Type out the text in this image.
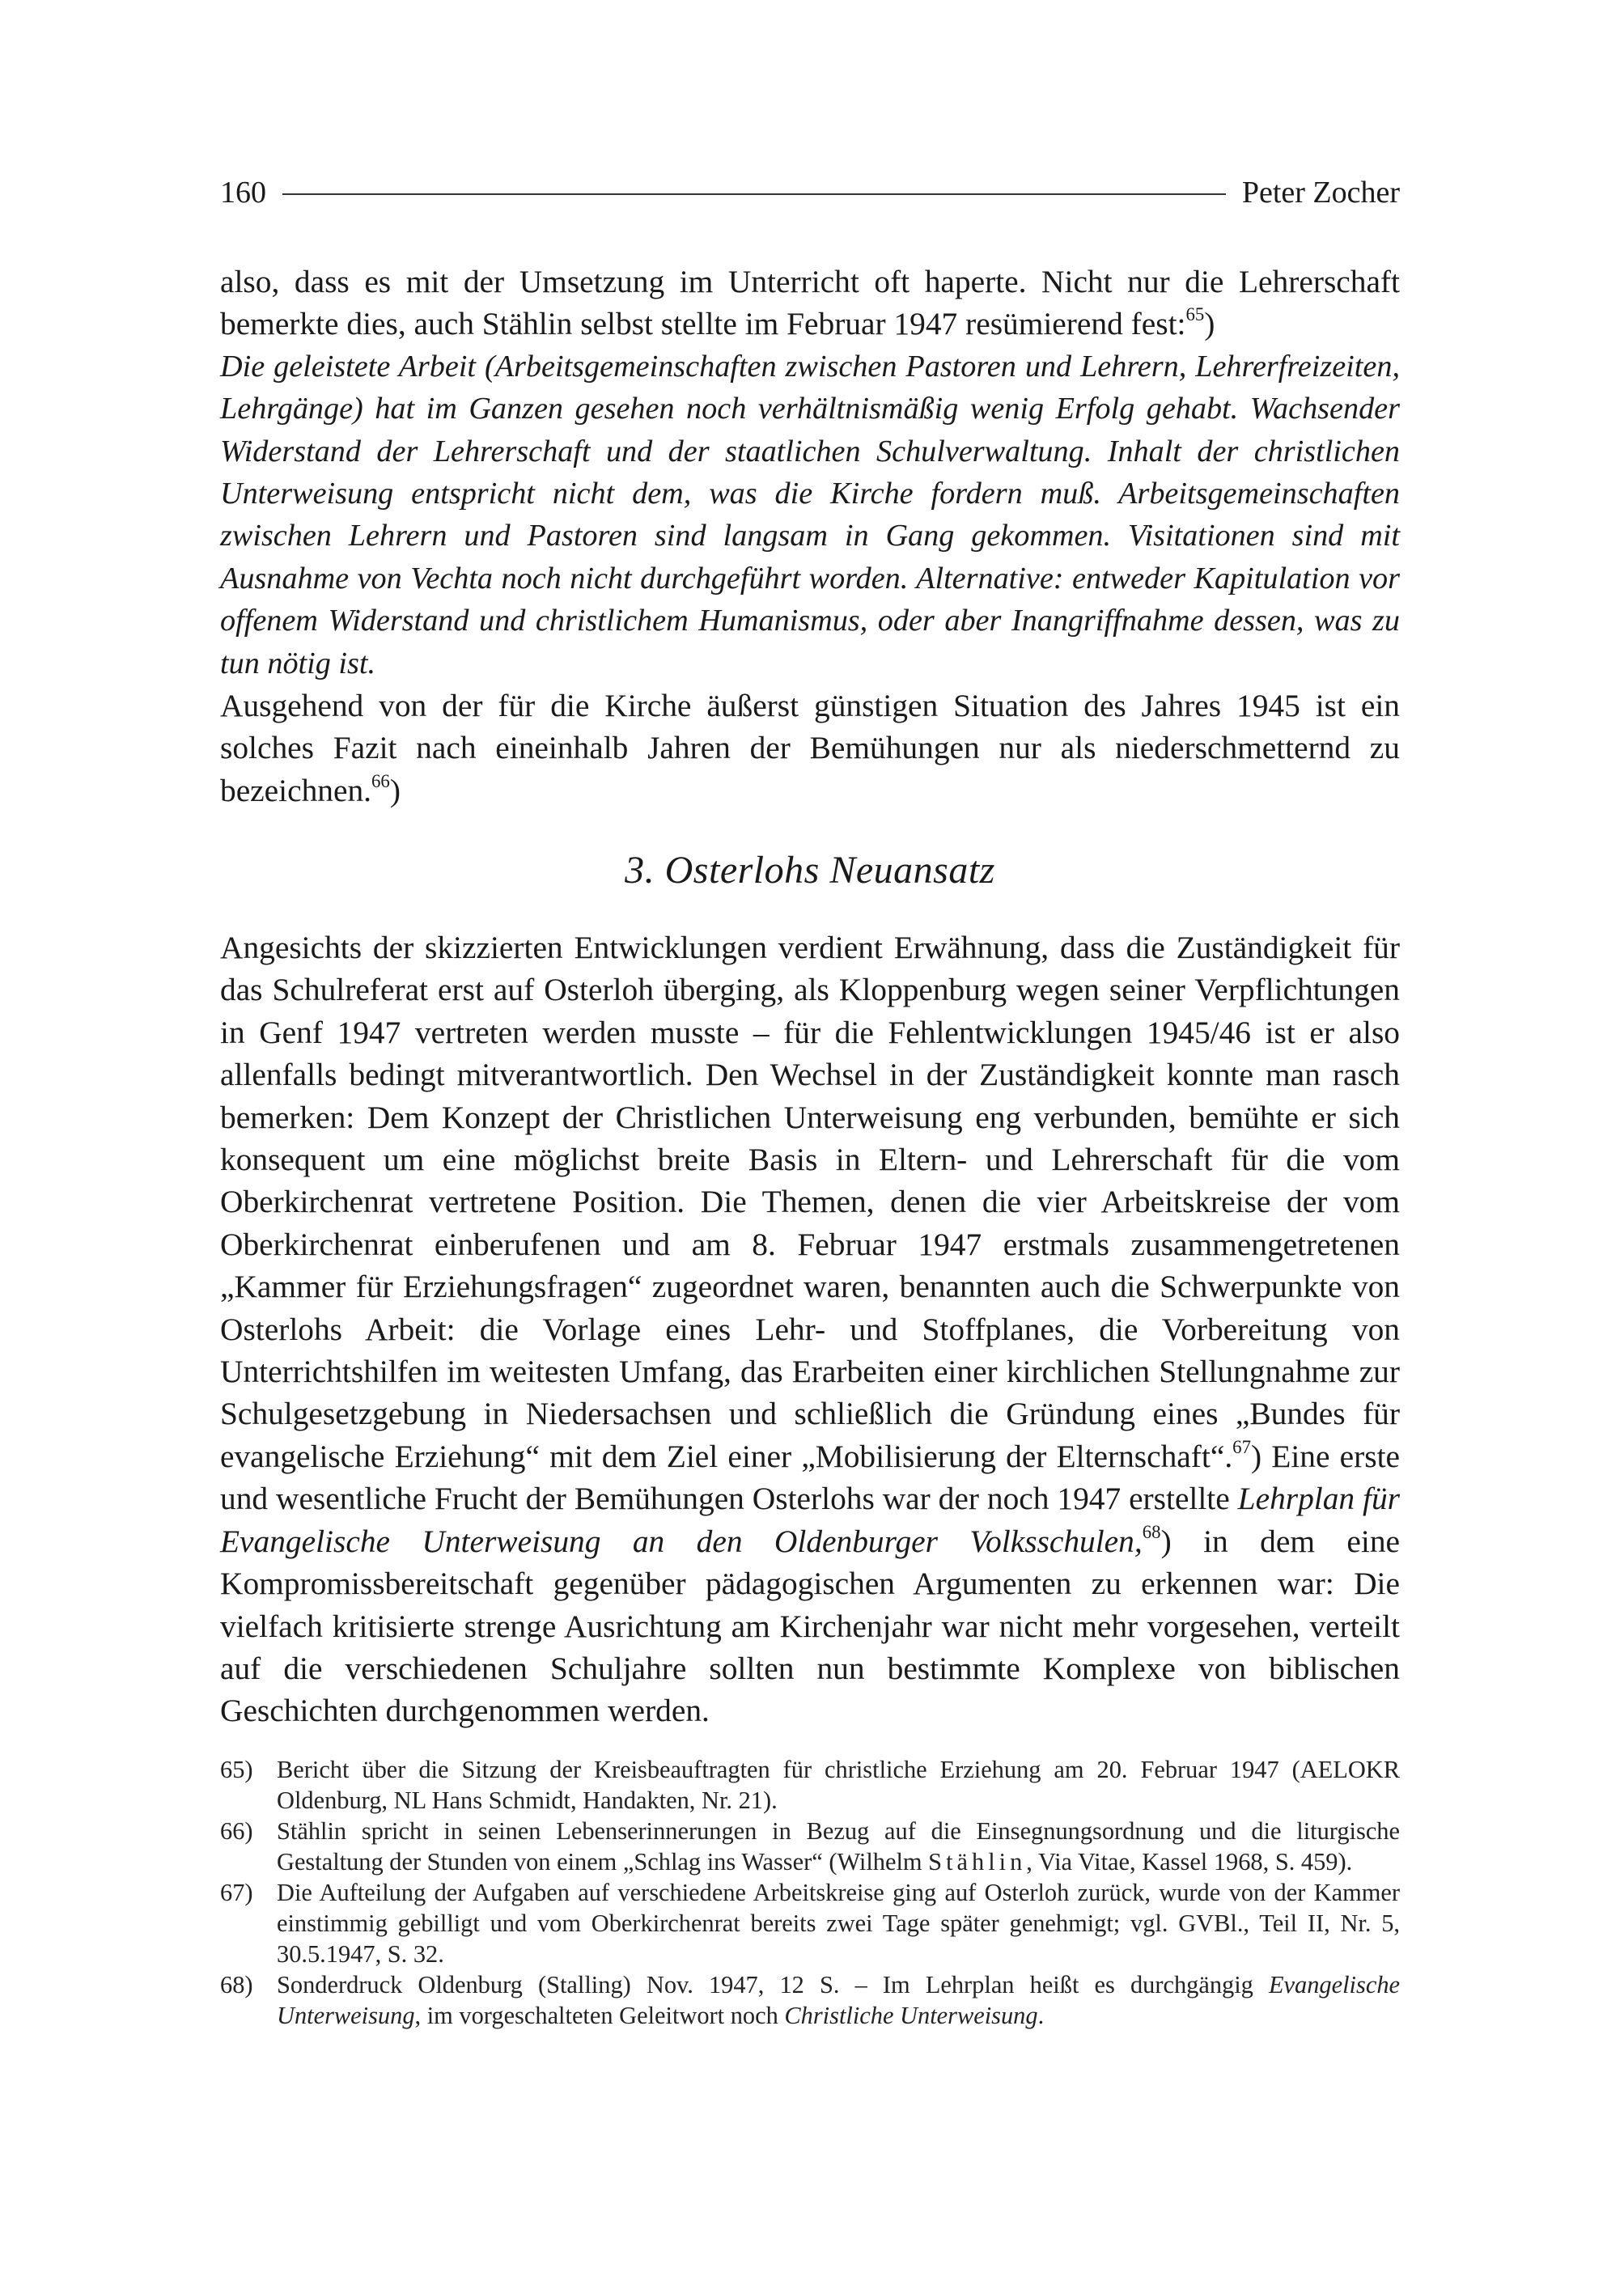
160	Peter Zocher

also, dass es mit der Umsetzung im Unterricht oft haperte. Nicht nur die Lehrerschaft bemerkte dies, auch Stählin selbst stellte im Februar 1947 resümierend fest:$^{65}$)

Die geleistete Arbeit (Arbeitsgemeinschaften zwischen Pastoren und Lehrern, Lehrerfreizeiten, Lehrgänge) hat im Ganzen gesehen noch verhältnismäßig wenig Erfolg gehabt. Wachsender Widerstand der Lehrerschaft und der staatlichen Schulverwaltung. Inhalt der christlichen Unterweisung entspricht nicht dem, was die Kirche fordern muß. Arbeitsgemeinschaften zwischen Lehrern und Pastoren sind langsam in Gang gekommen. Visitationen sind mit Ausnahme von Vechta noch nicht durchgeführt worden. Alternative: entweder Kapitulation vor offenem Widerstand und christlichem Humanismus, oder aber Inangriffnahme dessen, was zu tun nötig ist.

Ausgehend von der für die Kirche äußerst günstigen Situation des Jahres 1945 ist ein solches Fazit nach eineinhalb Jahren der Bemühungen nur als niederschmetternd zu bezeichnen.$^{66}$)

3. Osterlohs Neuansatz

Angesichts der skizzierten Entwicklungen verdient Erwähnung, dass die Zuständigkeit für das Schulreferat erst auf Osterloh überging, als Kloppenburg wegen seiner Verpflichtungen in Genf 1947 vertreten werden musste – für die Fehlentwicklungen 1945/46 ist er also allenfalls bedingt mitverantwortlich. Den Wechsel in der Zuständigkeit konnte man rasch bemerken: Dem Konzept der Christlichen Unterweisung eng verbunden, bemühte er sich konsequent um eine möglichst breite Basis in Eltern- und Lehrerschaft für die vom Oberkirchenrat vertretene Position. Die Themen, denen die vier Arbeitskreise der vom Oberkirchenrat einberufenen und am 8. Februar 1947 erstmals zusammengetretenen „Kammer für Erziehungsfragen“ zugeordnet waren, benannten auch die Schwerpunkte von Osterlohs Arbeit: die Vorlage eines Lehr- und Stoffplanes, die Vorbereitung von Unterrichtshilfen im weitesten Umfang, das Erarbeiten einer kirchlichen Stellungnahme zur Schulgesetzgebung in Niedersachsen und schließlich die Gründung eines „Bundes für evangelische Erziehung“ mit dem Ziel einer „Mobilisierung der Elternschaft“.$^{67}$) Eine erste und wesentliche Frucht der Bemühungen Osterlohs war der noch 1947 erstellte Lehrplan für Evangelische Unterweisung an den Oldenburger Volksschulen,$^{68}$) in dem eine Kompromissbereitschaft gegenüber pädagogischen Argumenten zu erkennen war: Die vielfach kritisierte strenge Ausrichtung am Kirchenjahr war nicht mehr vorgesehen, verteilt auf die verschiedenen Schuljahre sollten nun bestimmte Komplexe von biblischen Geschichten durchgenommen werden.

65) Bericht über die Sitzung der Kreisbeauftragten für christliche Erziehung am 20. Februar 1947 (AELOKR Oldenburg, NL Hans Schmidt, Handakten, Nr. 21).
66) Stählin spricht in seinen Lebenserinnerungen in Bezug auf die Einsegnungsordnung und die liturgische Gestaltung der Stunden von einem „Schlag ins Wasser“ (Wilhelm Stählin, Via Vitae, Kassel 1968, S. 459).
67) Die Aufteilung der Aufgaben auf verschiedene Arbeitskreise ging auf Osterloh zurück, wurde von der Kammer einstimmig gebilligt und vom Oberkirchenrat bereits zwei Tage später genehmigt; vgl. GVBl., Teil II, Nr. 5, 30.5.1947, S. 32.
68) Sonderdruck Oldenburg (Stalling) Nov. 1947, 12 S. – Im Lehrplan heißt es durchgängig Evangelische Unterweisung, im vorgeschalteten Geleitwort noch Christliche Unterweisung.
